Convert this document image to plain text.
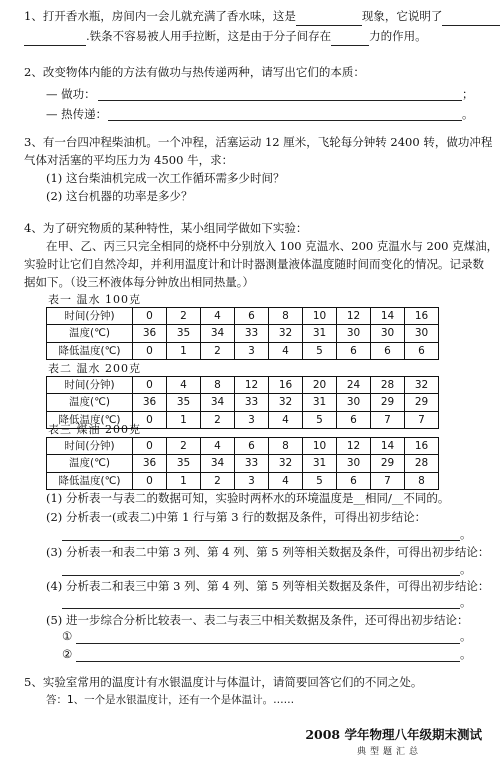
1、打开香水瓶，房间内一会儿就充满了香水味，这是	现象，它说明了
.铁条不容易被人用手拉断，这是由于分子间存在	力的作用。
2、改变物体内能的方法有做功与热传递两种，请写出它们的本质：
— 做功：	；
— 热传递：	。
3、有一台四冲程柴油机。一个冲程，活塞运动 12 厘米，飞轮每分钟转 2400 转，做功冲程
气体对活塞的平均压力为 4500 牛，求：
(1) 这台柴油机完成一次工作循环需多少时间？
(2) 这台机器的功率是多少？
4、为了研究物质的某种特性，某小组同学做如下实验：
在甲、乙、丙三只完全相同的烧杯中分别放入 100 克温水、200 克温水与 200 克煤油，
实验时让它们自然冷却，并利用温度计和计时器测量液体温度随时间而变化的情况。记录数
据如下。（设三杯液体每分钟放出相同热量。）
表一 温水 100克
时间(分钟)	0	2	4	6	8	10	12	14	16
温度(℃)	36	35	34	33	32	31	30	30	30
降低温度(℃)	0	1	2	3	4	5	6	6	6
表二 温水 200克
时间(分钟)	0	4	8	12	16	20	24	28	32
温度(℃)	36	35	34	33	32	31	30	29	29
降低温度(℃)	0	1	2	3	4	5	6	7	7
表三 煤油 200克
时间(分钟)	0	2	4	6	8	10	12	14	16
温度(℃)	36	35	34	33	32	31	30	29	28
降低温度(℃)	0	1	2	3	4	5	6	7	8
(1) 分析表一与表二的数据可知，实验时两杯水的环境温度是__相同/__不同的。
(2) 分析表一(或表二)中第 1 行与第 3 行的数据及条件，可得出初步结论：
。
(3) 分析表一和表二中第 3 列、第 4 列、第 5 列等相关数据及条件，可得出初步结论：
。
(4) 分析表二和表三中第 3 列、第 4 列、第 5 列等相关数据及条件，可得出初步结论：
。
(5) 进一步综合分析比较表一、表二与表三中相关数据及条件，还可得出初步结论：
①	。
②	。
5、实验室常用的温度计有水银温度计与体温计，请简要回答它们的不同之处。
答：1、一个是水银温度计，还有一个是体温计。……
2008 学年物理八年级期末测试
典型题汇总
